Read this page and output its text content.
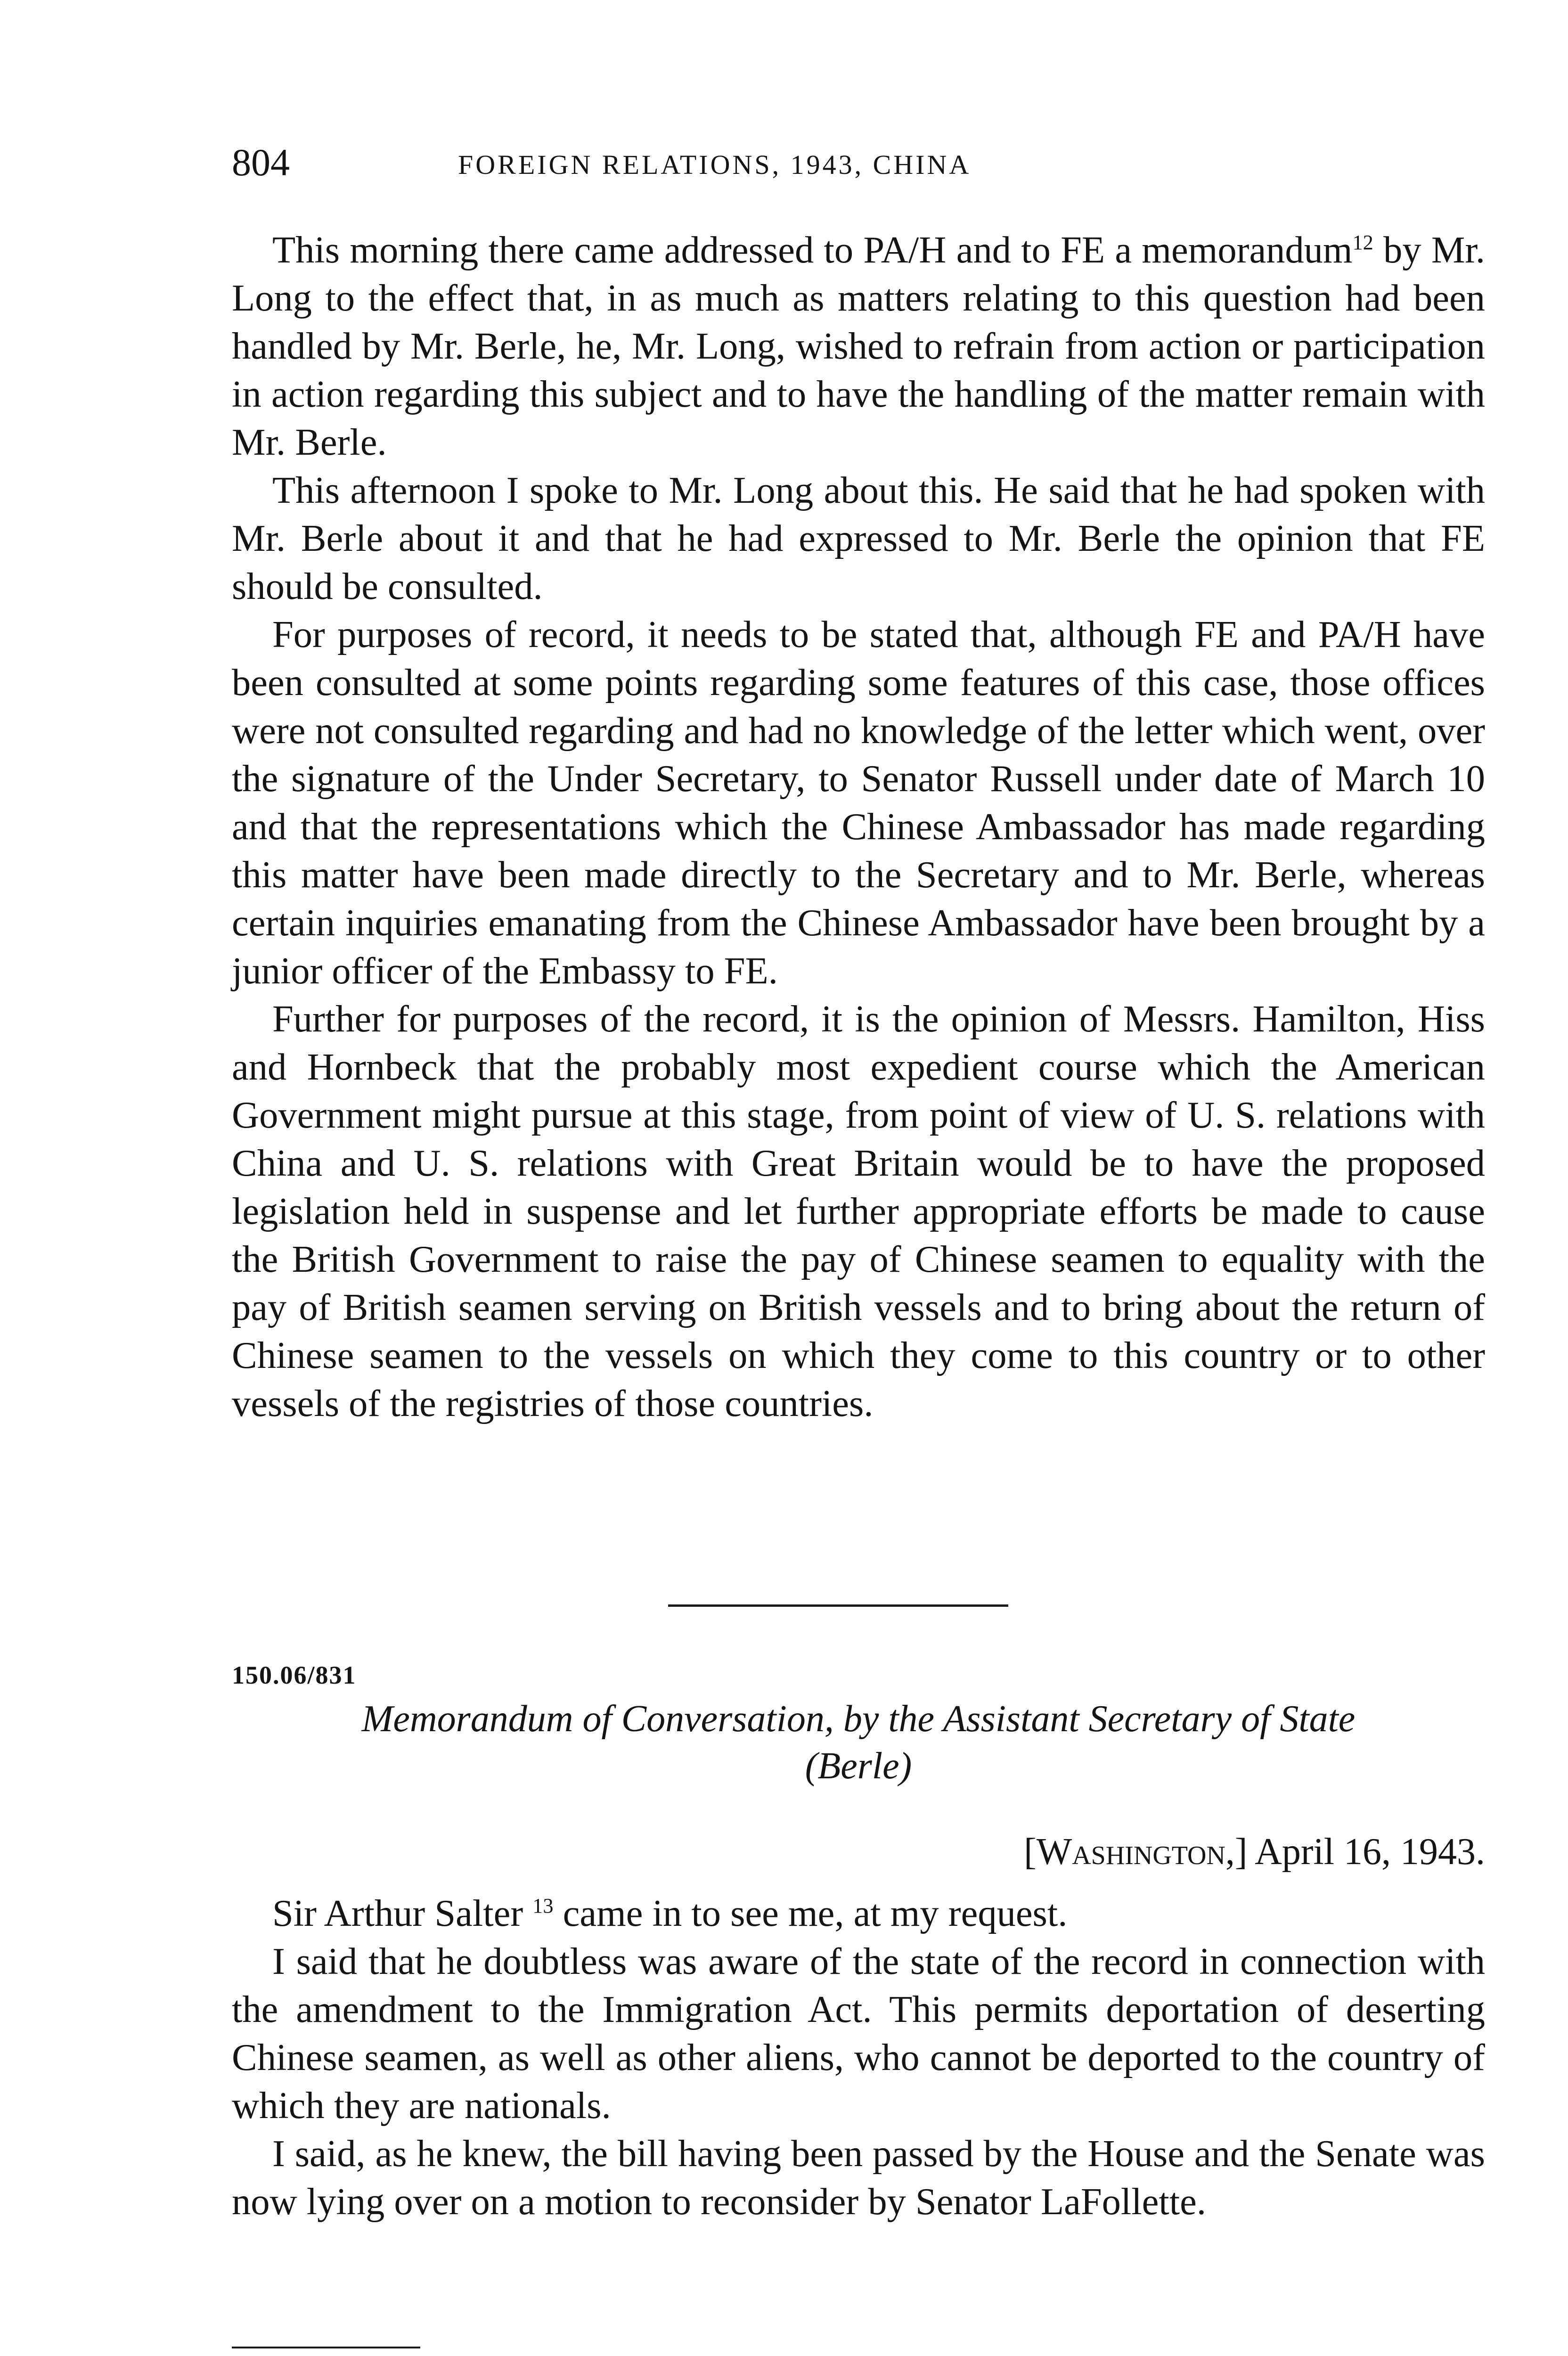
804	FOREIGN RELATIONS, 1943, CHINA

This morning there came addressed to PA/H and to FE a memorandum$^{12}$ by Mr. Long to the effect that, in as much as matters relating to this question had been handled by Mr. Berle, he, Mr. Long, wished to refrain from action or participation in action regarding this subject and to have the handling of the matter remain with Mr. Berle.

This afternoon I spoke to Mr. Long about this. He said that he had spoken with Mr. Berle about it and that he had expressed to Mr. Berle the opinion that FE should be consulted.

For purposes of record, it needs to be stated that, although FE and PA/H have been consulted at some points regarding some features of this case, those offices were not consulted regarding and had no knowledge of the letter which went, over the signature of the Under Secretary, to Senator Russell under date of March 10 and that the representations which the Chinese Ambassador has made regarding this matter have been made directly to the Secretary and to Mr. Berle, whereas certain inquiries emanating from the Chinese Ambassador have been brought by a junior officer of the Embassy to FE.

Further for purposes of the record, it is the opinion of Messrs. Hamilton, Hiss and Hornbeck that the probably most expedient course which the American Government might pursue at this stage, from point of view of U. S. relations with China and U. S. relations with Great Britain would be to have the proposed legislation held in suspense and let further appropriate efforts be made to cause the British Government to raise the pay of Chinese seamen to equality with the pay of British seamen serving on British vessels and to bring about the return of Chinese seamen to the vessels on which they come to this country or to other vessels of the registries of those countries.

150.06/831
Memorandum of Conversation, by the Assistant Secretary of State
(Berle)
[Washington,] April 16, 1943.

Sir Arthur Salter $^{13}$ came in to see me, at my request.

I said that he doubtless was aware of the state of the record in connection with the amendment to the Immigration Act. This permits deportation of deserting Chinese seamen, as well as other aliens, who cannot be deported to the country of which they are nationals.

I said, as he knew, the bill having been passed by the House and the Senate was now lying over on a motion to reconsider by Senator LaFollette.
